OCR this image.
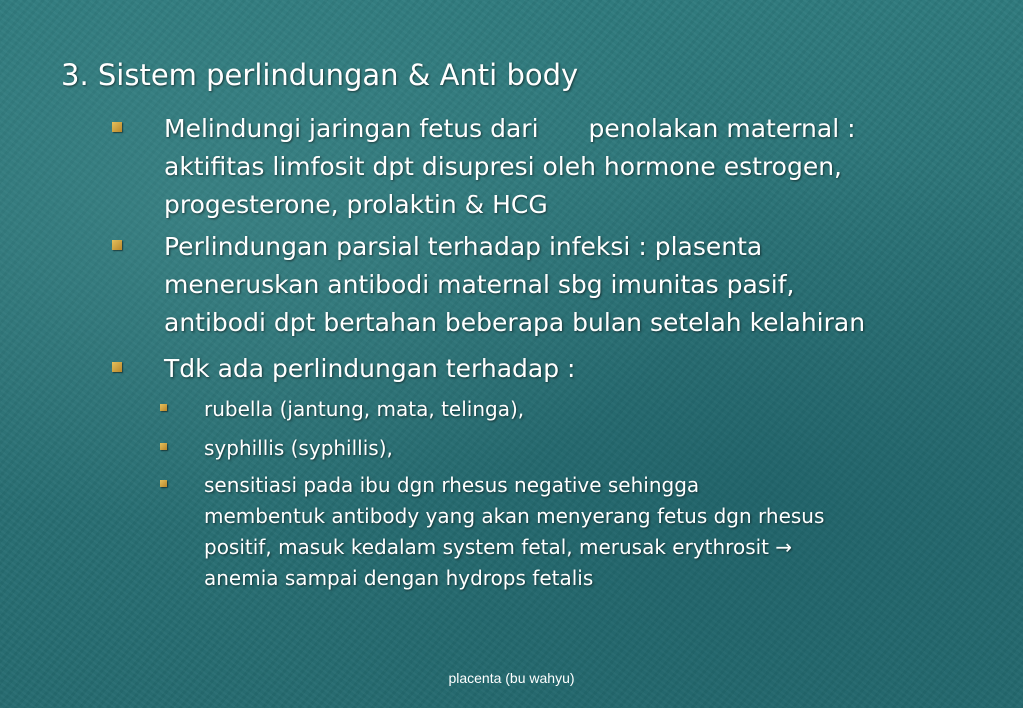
3. Sistem perlindungan & Anti body
Melindungi jaringan fetus dari penolakan maternal :
aktifitas limfosit dpt disupresi oleh hormone estrogen,
progesterone, prolaktin & HCG
Perlindungan parsial terhadap infeksi : plasenta
meneruskan antibodi maternal sbg imunitas pasif,
antibodi dpt bertahan beberapa bulan setelah kelahiran
Tdk ada perlindungan terhadap :
rubella (jantung, mata, telinga),
syphillis (syphillis),
sensitiasi pada ibu dgn rhesus negative sehingga
membentuk antibody yang akan menyerang fetus dgn rhesus
positif, masuk kedalam system fetal, merusak erythrosit →
anemia sampai dengan hydrops fetalis
placenta (bu wahyu)
